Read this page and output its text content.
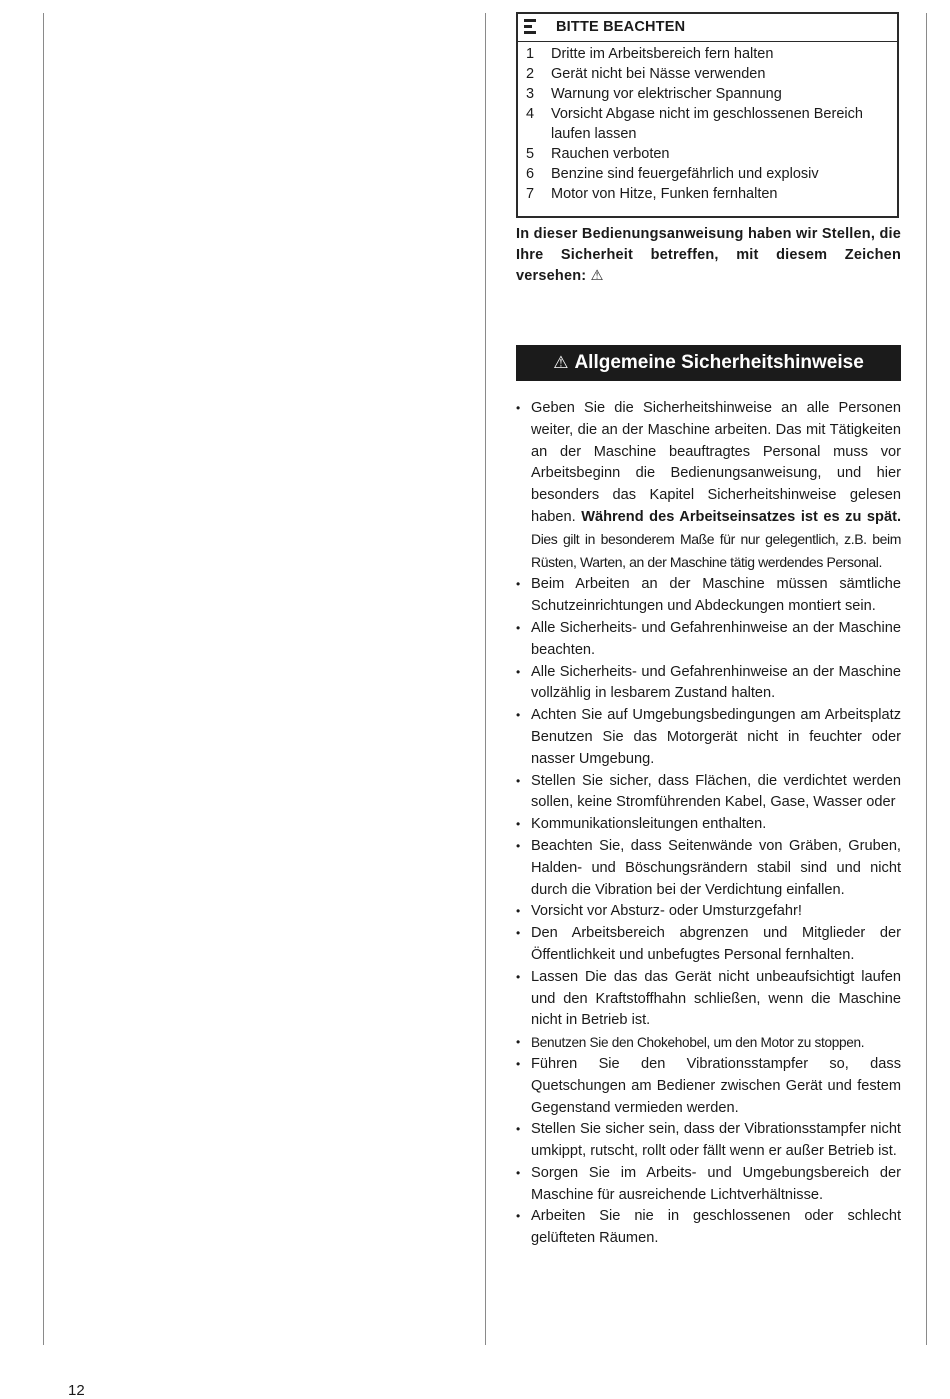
BITTE BEACHTEN
1	Dritte im Arbeitsbereich fern halten
2	Gerät nicht bei Nässe verwenden
3	Warnung vor elektrischer Spannung
4	Vorsicht Abgase nicht im geschlossenen Bereich laufen lassen
5	Rauchen verboten
6	Benzine sind feuergefährlich und explosiv
7	Motor von Hitze, Funken fernhalten

In dieser Bedienungsanweisung haben wir Stellen, die Ihre Sicherheit betreffen, mit diesem Zeichen versehen: ⚠

⚠ Allgemeine Sicherheitshinweise
• Geben Sie die Sicherheitshinweise an alle Personen weiter, die an der Maschine arbeiten. Das mit Tätigkeiten an der Maschine beauftragtes Personal muss vor Arbeitsbeginn die Bedienungsanweisung, und hier besonders das Kapitel Sicherheitshinweise gelesen haben. Während des Arbeitseinsatzes ist es zu spät. Dies gilt in besonderem Maße für nur gelegentlich, z.B. beim Rüsten, Warten, an der Maschine tätig werdendes Personal.
• Beim Arbeiten an der Maschine müssen sämtliche Schutzeinrichtungen und Abdeckungen montiert sein.
• Alle Sicherheits- und Gefahrenhinweise an der Maschine beachten.
• Alle Sicherheits- und Gefahrenhinweise an der Maschine vollzählig in lesbarem Zustand halten.
• Achten Sie auf Umgebungsbedingungen am Arbeitsplatz Benutzen Sie das Motorgerät nicht in feuchter oder nasser Umgebung.
• Stellen Sie sicher, dass Flächen, die verdichtet werden sollen, keine Stromführenden Kabel, Gase, Wasser oder
• Kommunikationsleitungen enthalten.
• Beachten Sie, dass Seitenwände von Gräben, Gruben, Halden- und Böschungsrändern stabil sind und nicht durch die Vibration bei der Verdichtung einfallen.
• Vorsicht vor Absturz- oder Umsturzgefahr!
• Den Arbeitsbereich abgrenzen und Mitglieder der Öffentlichkeit und unbefugtes Personal fernhalten.
• Lassen Die das das Gerät nicht unbeaufsichtigt laufen und den Kraftstoffhahn schließen, wenn die Maschine nicht in Betrieb ist.
• Benutzen Sie den Chokehobel, um den Motor zu stoppen.
• Führen Sie den Vibrationsstampfer so, dass Quetschungen am Bediener zwischen Gerät und festem Gegenstand vermieden werden.
• Stellen Sie sicher sein, dass der Vibrationsstampfer nicht umkippt, rutscht, rollt oder fällt wenn er außer Betrieb ist.
• Sorgen Sie im Arbeits- und Umgebungsbereich der Maschine für ausreichende Lichtverhältnisse.
• Arbeiten Sie nie in geschlossenen oder schlecht gelüfteten Räumen.
12
